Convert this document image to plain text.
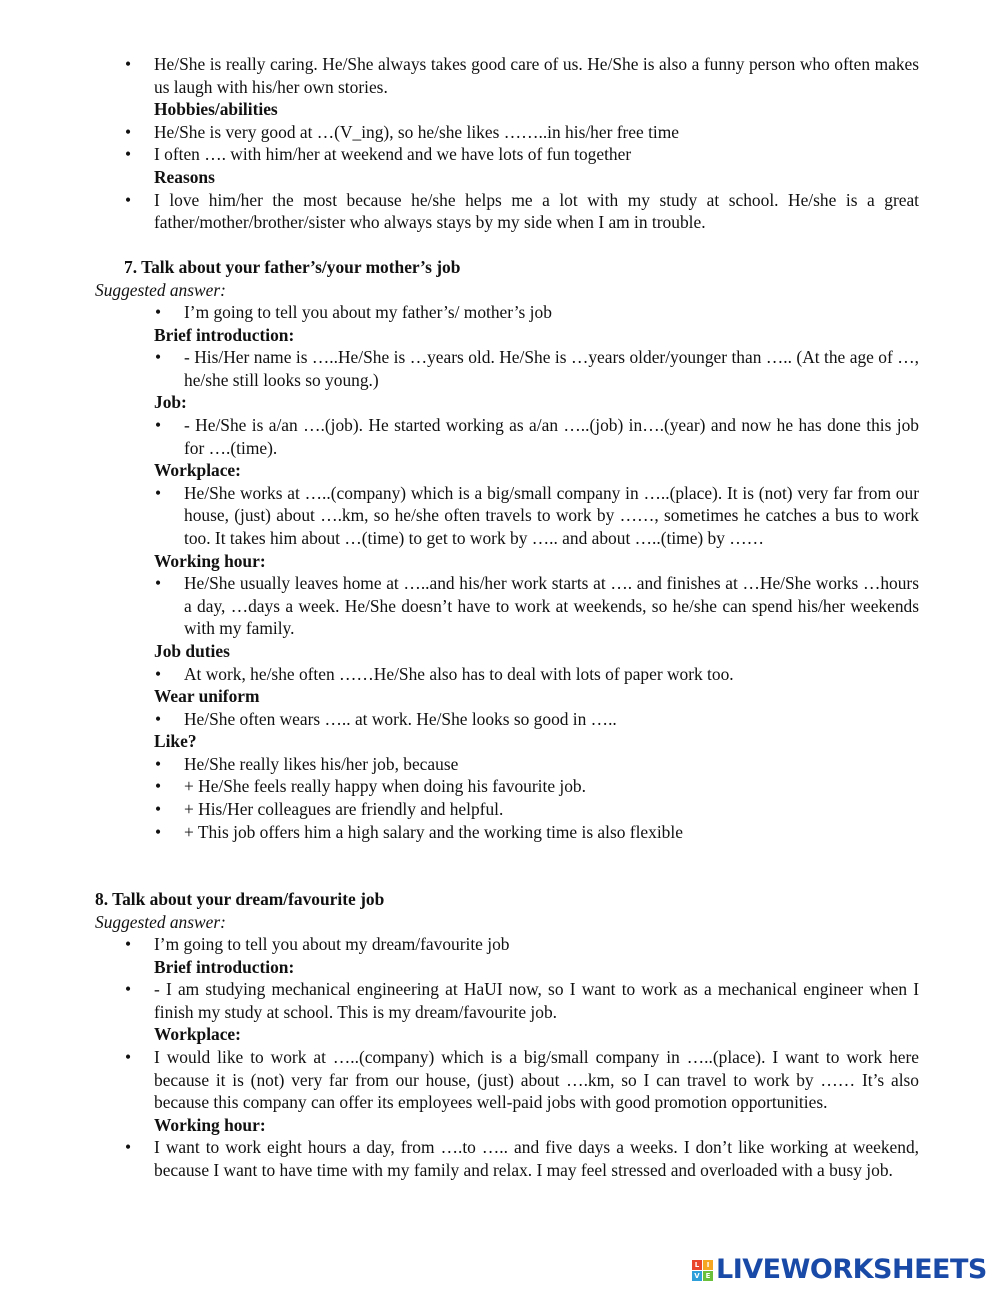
• He/She is really caring. He/She always takes good care of us. He/She is also a funny person who often makes us laugh with his/her own stories.
Hobbies/abilities
• He/She is very good at …(V_ing), so he/she likes ……..in his/her free time
• I often …. with him/her at weekend and we have lots of fun together
Reasons
• I love him/her the most because he/she helps me a lot with my study at school. He/she is a great father/mother/brother/sister who always stays by my side when I am in trouble.
7. Talk about your father’s/your mother’s job
Suggested answer:
• I’m going to tell you about my father’s/ mother’s job
Brief introduction:
• - His/Her name is …..He/She is …years old. He/She is …years older/younger than ….. (At the age of …, he/she still looks so young.)
Job:
• - He/She is a/an ….(job). He started working as a/an …..(job) in….(year) and now he has done this job for ….(time).
Workplace:
• He/She works at …..(company) which is a big/small company in …..(place). It is (not) very far from our house, (just) about ….km, so he/she often travels to work by ……, sometimes he catches a bus to work too. It takes him about …(time) to get to work by ….. and about …..(time) by ……
Working hour:
• He/She usually leaves home at …..and his/her work starts at …. and finishes at …He/She works …hours a day, …days a week. He/She doesn’t have to work at weekends, so he/she can spend his/her weekends with my family.
Job duties
• At work, he/she often ……He/She also has to deal with lots of paper work too.
Wear uniform
• He/She often wears ….. at work. He/She looks so good in …..
Like?
• He/She really likes his/her job, because
• + He/She feels really happy when doing his favourite job.
• + His/Her colleagues are friendly and helpful.
• + This job offers him a high salary and the working time is also flexible
8. Talk about your dream/favourite job
Suggested answer:
• I’m going to tell you about my dream/favourite job
Brief introduction:
• - I am studying mechanical engineering at HaUI now, so I want to work as a mechanical engineer when I finish my study at school. This is my dream/favourite job.
Workplace:
• I would like to work at …..(company) which is a big/small company in …..(place). I want to work here because it is (not) very far from our house, (just) about ….km, so I can travel to work by …… It’s also because this company can offer its employees well-paid jobs with good promotion opportunities.
Working hour:
• I want to work eight hours a day, from ….to ….. and five days a weeks. I don’t like working at weekend, because I want to have time with my family and relax. I may feel stressed and overloaded with a busy job.
L	I
V E LIVEWORKSHEETS
